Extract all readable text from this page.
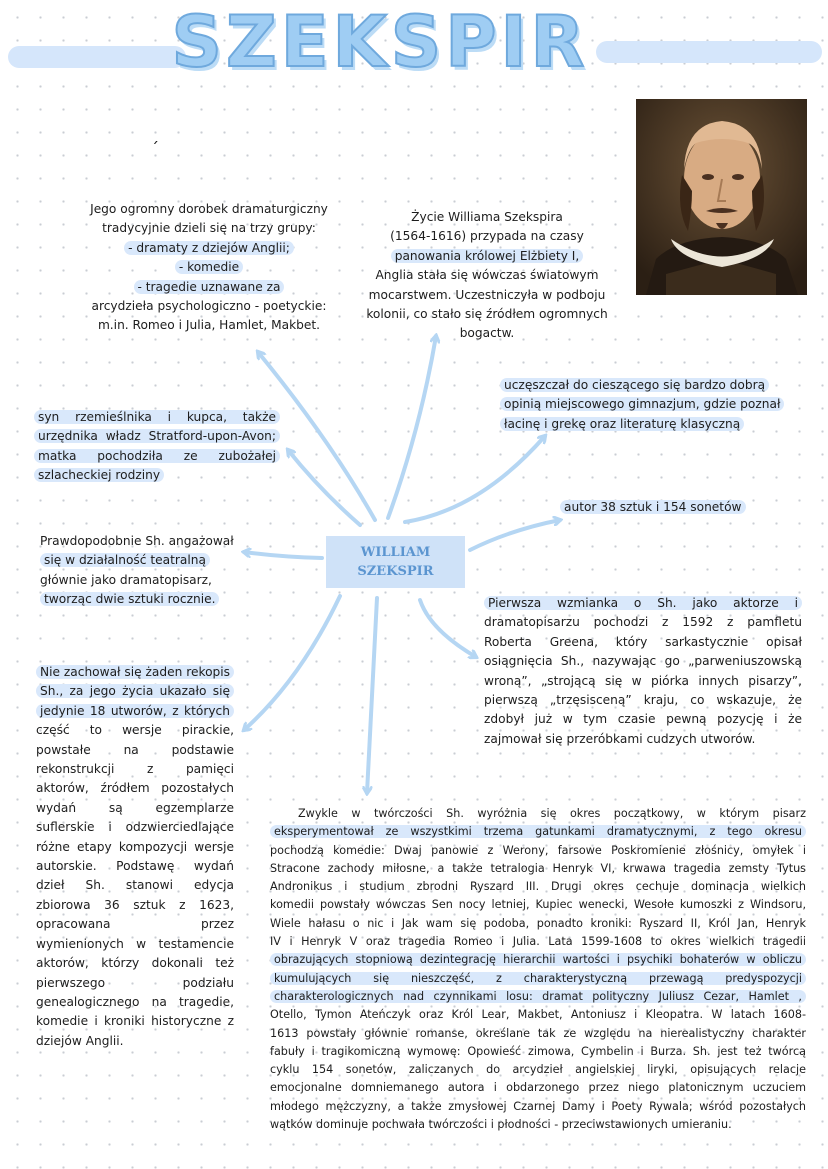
SZEKSPIR
´
WILLIAM
SZEKSPIR
Jego ogromny dorobek dramaturgiczny
tradycyjnie dzieli się na trzy grupy:
- dramaty z dziejów Anglii;
- komedie
- tragedie uznawane za
arcydzieła psychologiczno - poetyckie:
m.in. Romeo i Julia, Hamlet, Makbet.
Życie Williama Szekspira
(1564-1616) przypada na czasy
panowania królowej Elżbiety I,
Anglia stała się wówczas światowym
mocarstwem. Uczestniczyła w podboju
kolonii, co stało się źródłem ogromnych
bogactw.
uczęszczał do cieszącego się bardzo dobrą
opinią miejscowego gimnazjum, gdzie poznał
łacinę i grekę oraz literaturę klasyczną
syn rzemieślnika i kupca, także
urzędnika władz Stratford-upon-Avon;
matka pochodziła ze zubożałej
szlacheckiej rodziny
autor 38 sztuk i 154 sonetów
Prawdopodobnie Sh. angażował
się w działalność teatralną
głównie jako dramatopisarz,
tworząc dwie sztuki rocznie.	Pierwsza wzmianka o Sh. jako aktorze i
dramatopisarzu pochodzi z 1592 z pamfletu
Roberta Greena, który sarkastycznie opisał
osiągnięcia Sh., nazywając go „parweniuszowską
wroną”, „strojącą się w piórka innych pisarzy”,
pierwszą „trzęsisceną” kraju, co wskazuje, że
zdobył już w tym czasie pewną pozycję i że
zajmował się przeróbkami cudzych utworów.
Nie zachował się żaden rekopis
Sh., za jego życia ukazało się
jedynie 18 utworów, z których
część to wersje pirackie,
powstałe na podstawie
rekonstrukcji z pamięci
aktorów, źródłem pozostałych
wydań są egzemplarze
suflerskie i odzwierciedlające
różne etapy kompozycji wersje
autorskie. Podstawę wydań
dzieł Sh. stanowi edycja
zbiorowa 36 sztuk z 1623,
opracowana przez
wymienionych w testamencie
aktorów, którzy dokonali też
pierwszego podziału
genealogicznego na tragedie,
komedie i kroniki historyczne z
dziejów Anglii.
Zwykle w twórczości Sh. wyróżnia się okres początkowy, w którym pisarz
eksperymentował ze wszystkimi trzema gatunkami dramatycznymi, z tego okresu
pochodzą komedie: Dwaj panowie z Werony, farsowe Poskromienie złośnicy, omyłek i
Stracone zachody miłosne, a także tetralogia Henryk VI, krwawa tragedia zemsty Tytus
Andronikus i studium zbrodni Ryszard III. Drugi okres cechuje dominacja wielkich
komedii powstały wówczas Sen nocy letniej, Kupiec wenecki, Wesołe kumoszki z Windsoru,
Wiele hałasu o nic i Jak wam się podoba, ponadto kroniki: Ryszard II, Król Jan, Henryk
IV i Henryk V oraz tragedia Romeo i Julia. Lata 1599-1608 to okres wielkich tragedii
obrazujących stopniową dezintegrację hierarchii wartości i psychiki bohaterów w obliczu
kumulujących się nieszczęść, z charakterystyczną przewagą predyspozycji
charakterologicznych nad czynnikami losu: dramat polityczny Juliusz Cezar, Hamlet ,
Otello, Tymon Ateńczyk oraz Król Lear, Makbet, Antoniusz i Kleopatra. W latach 1608-
1613 powstały głównie romanse, określane tak ze względu na nierealistyczny charakter
fabuły i tragikomiczną wymowę: Opowieść zimowa, Cymbelin i Burza. Sh. jest też twórcą
cyklu 154 sonetów, zaliczanych do arcydzieł angielskiej liryki, opisujących relacje
emocjonalne domniemanego autora i obdarzonego przez niego platonicznym uczuciem
młodego mężczyzny, a także zmysłowej Czarnej Damy i Poety Rywala; wśród pozostałych
wątków dominuje pochwała twórczości i płodności - przeciwstawionych umieraniu.
